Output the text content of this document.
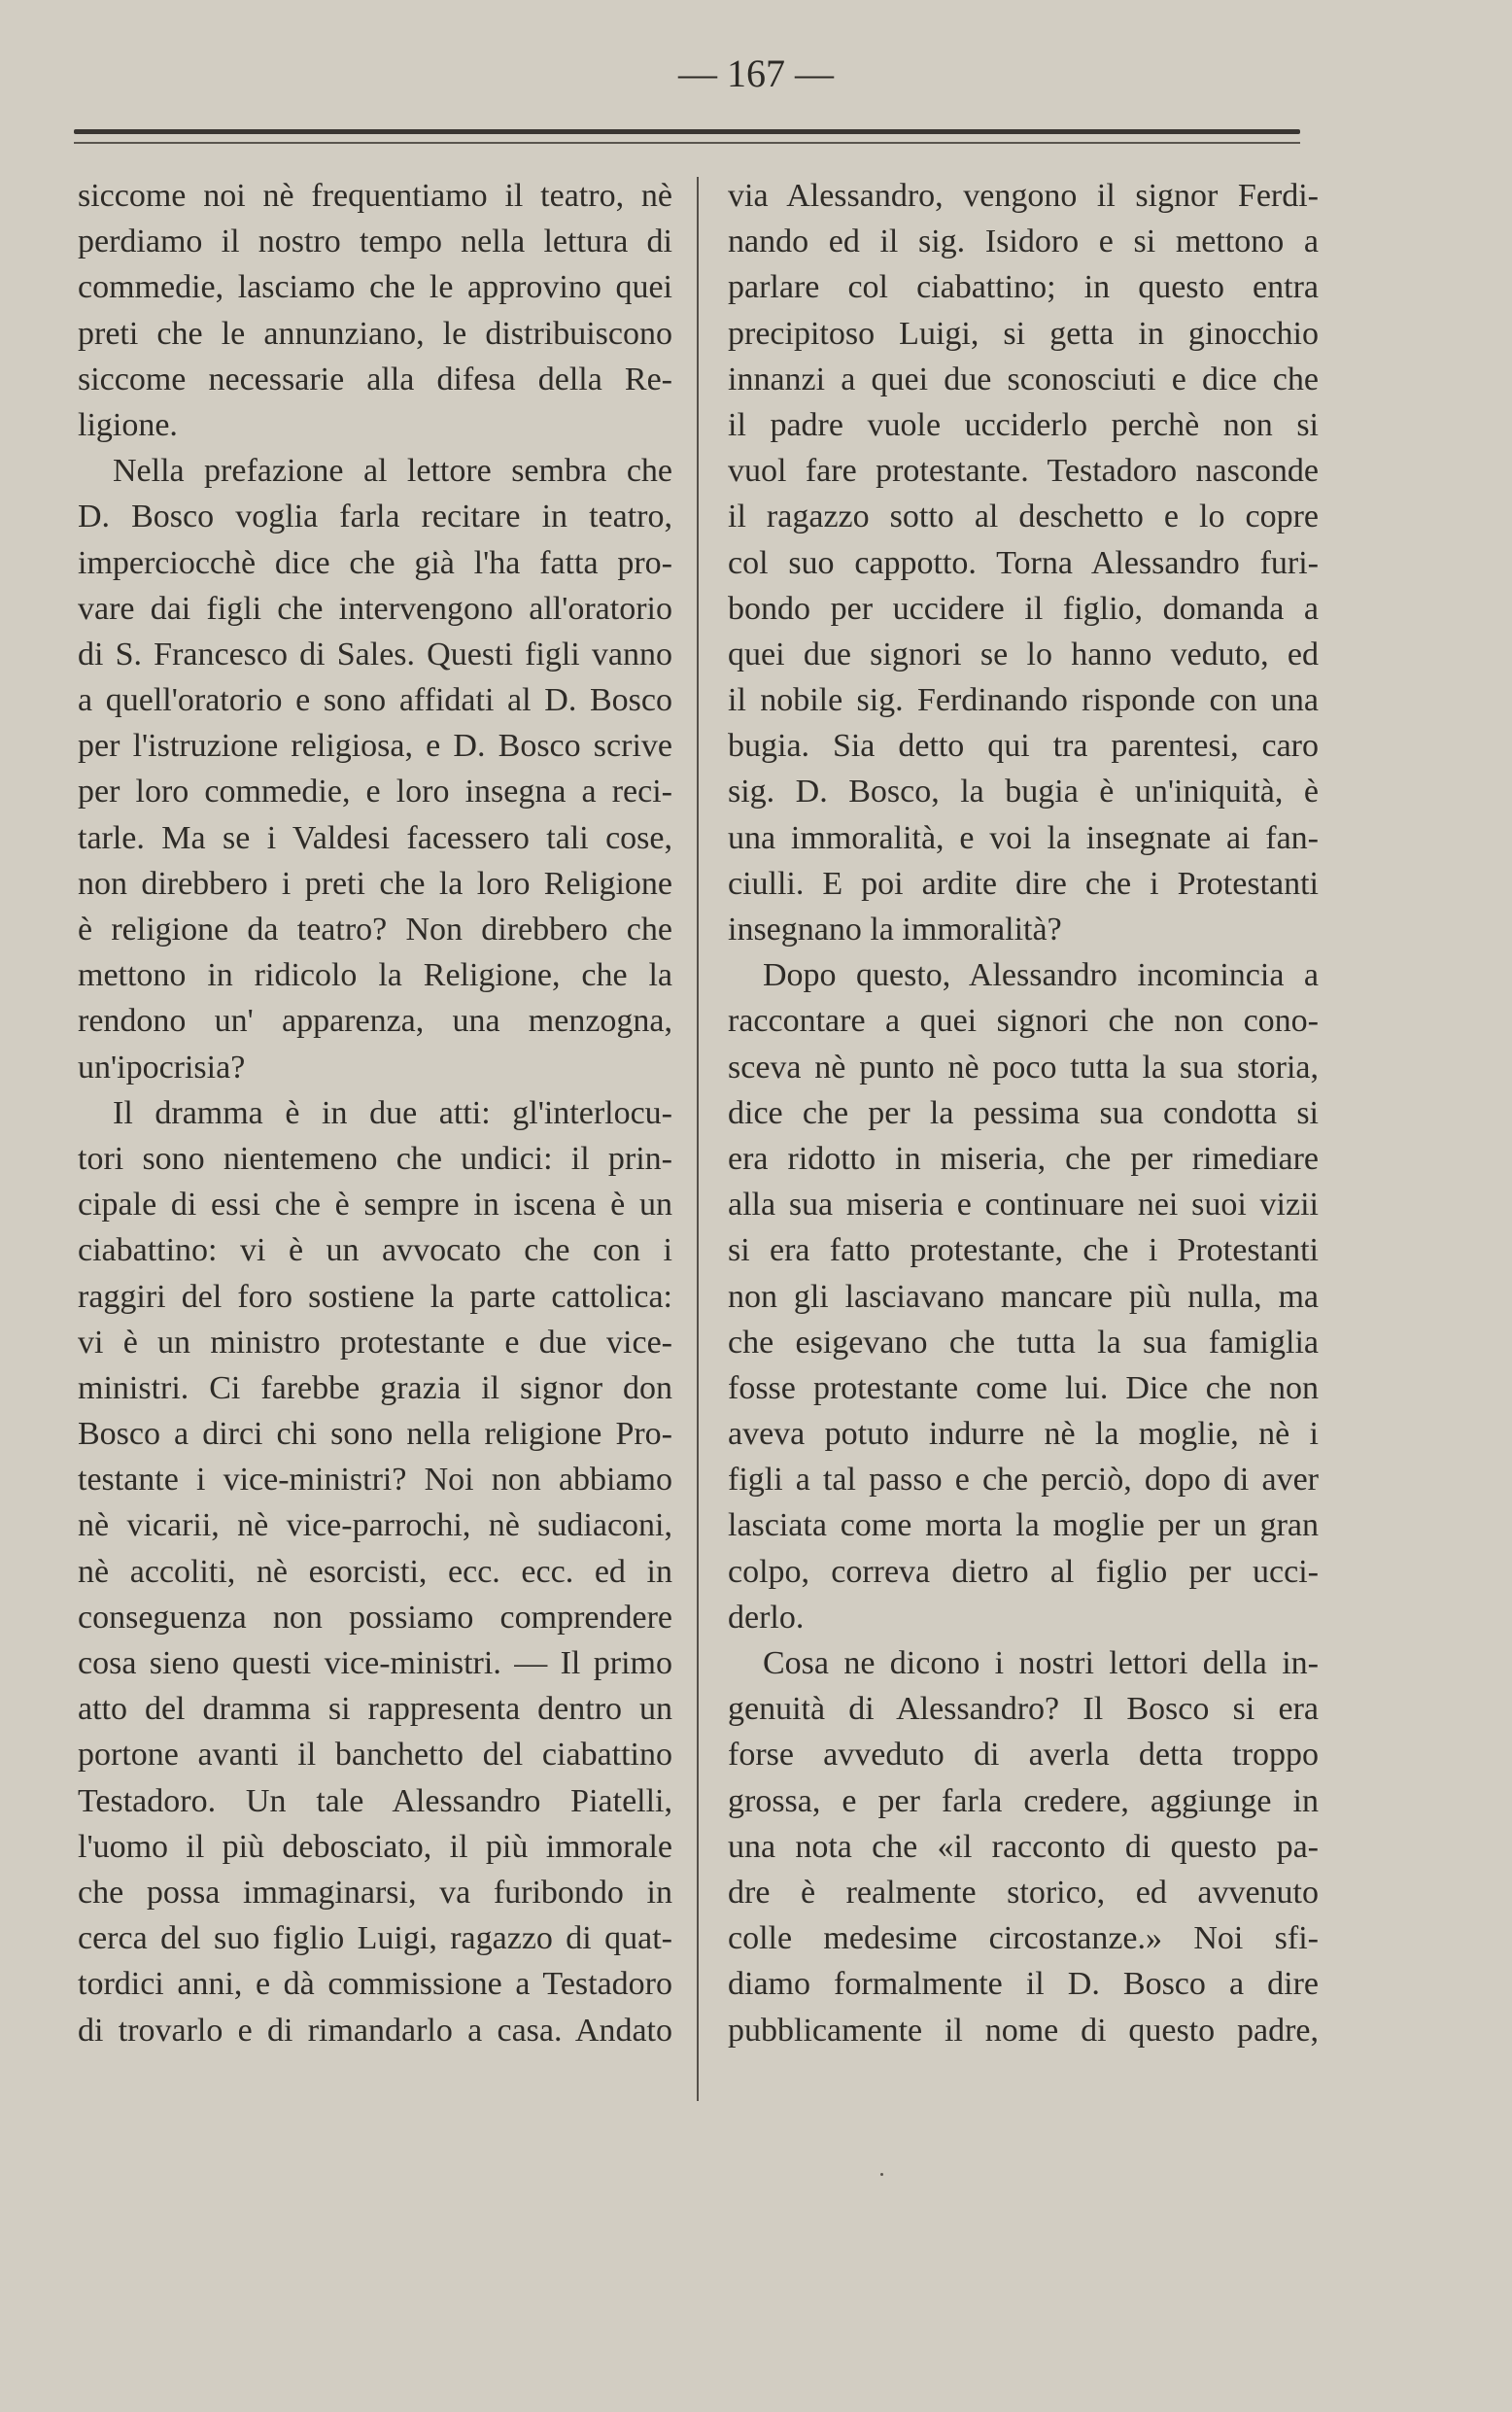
— 167 —
siccome noi nè frequentiamo il teatro, nè
perdiamo il nostro tempo nella lettura di
commedie, lasciamo che le approvino quei
preti che le annunziano, le distribuiscono
siccome necessarie alla difesa della Re-
ligione.
Nella prefazione al lettore sembra che
D. Bosco voglia farla recitare in teatro,
imperciocchè dice che già l'ha fatta pro-
vare dai figli che intervengono all'oratorio
di S. Francesco di Sales. Questi figli vanno
a quell'oratorio e sono affidati al D. Bosco
per l'istruzione religiosa, e D. Bosco scrive
per loro commedie, e loro insegna a reci-
tarle. Ma se i Valdesi facessero tali cose,
non direbbero i preti che la loro Religione
è religione da teatro? Non direbbero che
mettono in ridicolo la Religione, che la
rendono un' apparenza, una menzogna,
un'ipocrisia?
Il dramma è in due atti: gl'interlocu-
tori sono nientemeno che undici: il prin-
cipale di essi che è sempre in iscena è un
ciabattino: vi è un avvocato che con i
raggiri del foro sostiene la parte cattolica:
vi è un ministro protestante e due vice-
ministri. Ci farebbe grazia il signor don
Bosco a dirci chi sono nella religione Pro-
testante i vice-ministri? Noi non abbiamo
nè vicarii, nè vice-parrochi, nè sudiaconi,
nè accoliti, nè esorcisti, ecc. ecc. ed in
conseguenza non possiamo comprendere
cosa sieno questi vice-ministri. — Il primo
atto del dramma si rappresenta dentro un
portone avanti il banchetto del ciabattino
Testadoro. Un tale Alessandro Piatelli,
l'uomo il più debosciato, il più immorale
che possa immaginarsi, va furibondo in
cerca del suo figlio Luigi, ragazzo di quat-
tordici anni, e dà commissione a Testadoro
di trovarlo e di rimandarlo a casa. Andato
via Alessandro, vengono il signor Ferdi-
nando ed il sig. Isidoro e si mettono a
parlare col ciabattino; in questo entra
precipitoso Luigi, si getta in ginocchio
innanzi a quei due sconosciuti e dice che
il padre vuole ucciderlo perchè non si
vuol fare protestante. Testadoro nasconde
il ragazzo sotto al deschetto e lo copre
col suo cappotto. Torna Alessandro furi-
bondo per uccidere il figlio, domanda a
quei due signori se lo hanno veduto, ed
il nobile sig. Ferdinando risponde con una
bugia. Sia detto qui tra parentesi, caro
sig. D. Bosco, la bugia è un'iniquità, è
una immoralità, e voi la insegnate ai fan-
ciulli. E poi ardite dire che i Protestanti
insegnano la immoralità?
Dopo questo, Alessandro incomincia a
raccontare a quei signori che non cono-
sceva nè punto nè poco tutta la sua storia,
dice che per la pessima sua condotta si
era ridotto in miseria, che per rimediare
alla sua miseria e continuare nei suoi vizii
si era fatto protestante, che i Protestanti
non gli lasciavano mancare più nulla, ma
che esigevano che tutta la sua famiglia
fosse protestante come lui. Dice che non
aveva potuto indurre nè la moglie, nè i
figli a tal passo e che perciò, dopo di aver
lasciata come morta la moglie per un gran
colpo, correva dietro al figlio per ucci-
derlo.
Cosa ne dicono i nostri lettori della in-
genuità di Alessandro? Il Bosco si era
forse avveduto di averla detta troppo
grossa, e per farla credere, aggiunge in
una nota che «il racconto di questo pa-
dre è realmente storico, ed avvenuto
colle medesime circostanze.» Noi sfi-
diamo formalmente il D. Bosco a dire
pubblicamente il nome di questo padre,
